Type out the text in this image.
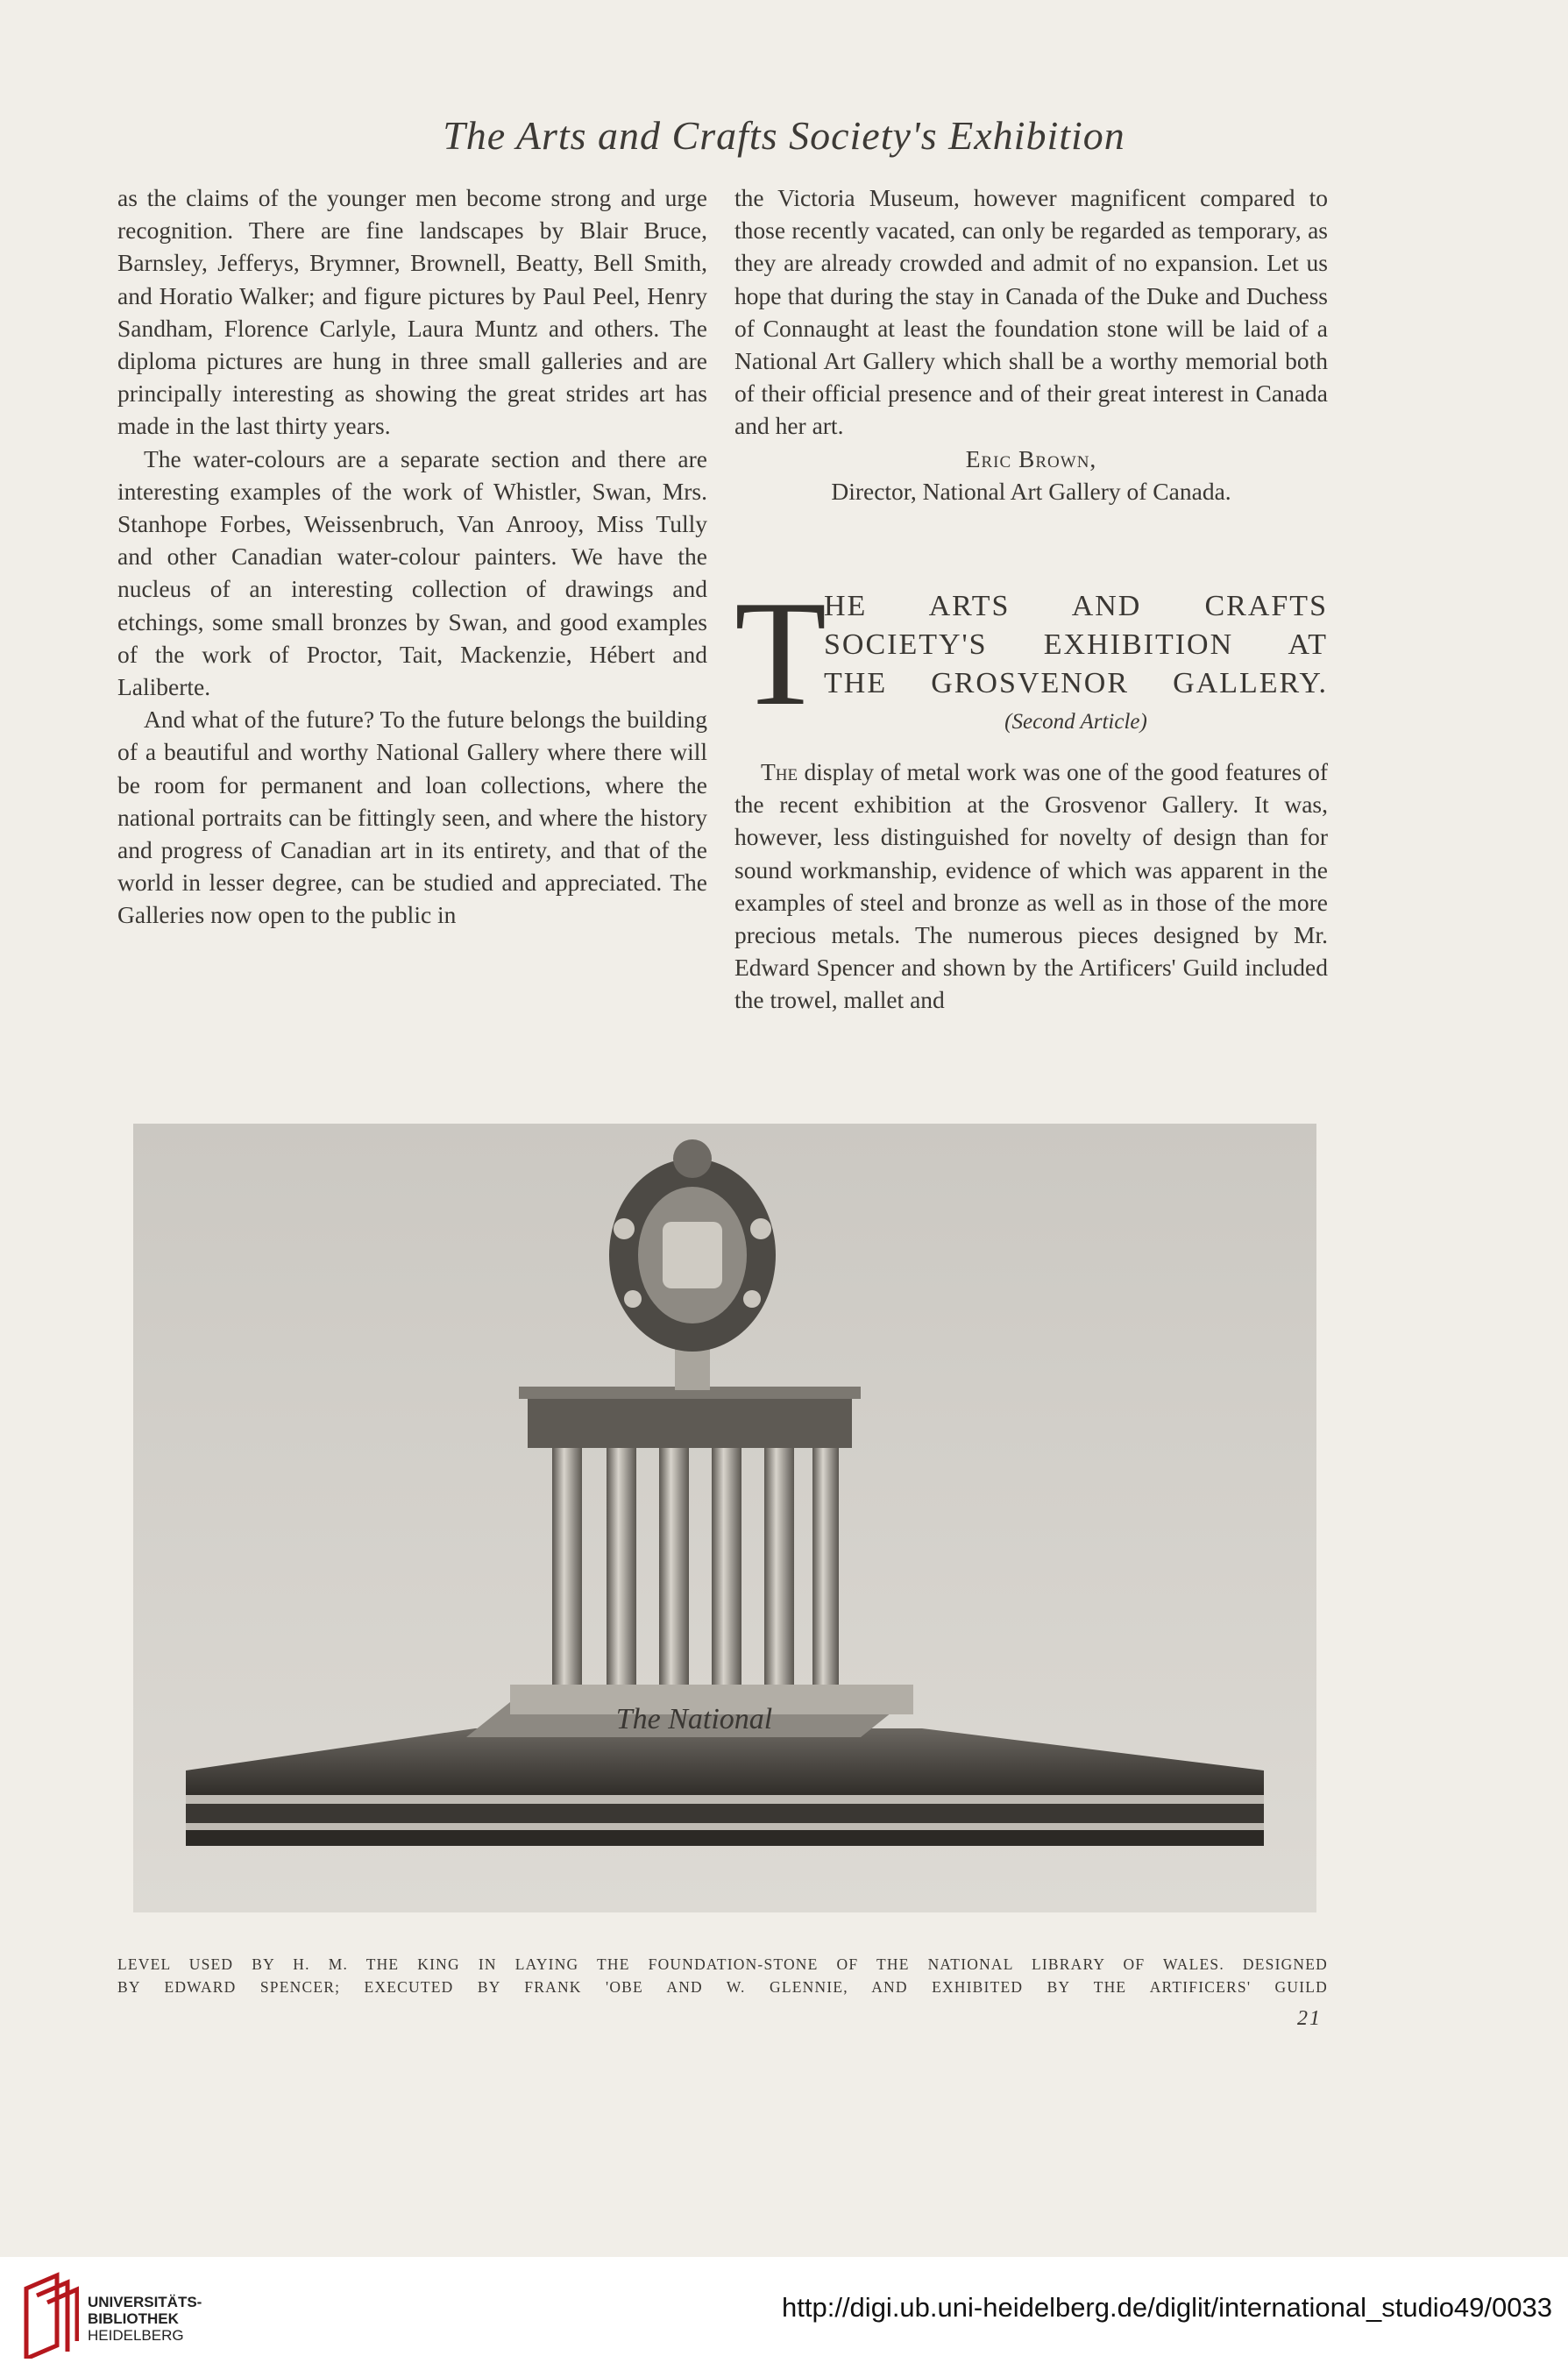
The Arts and Crafts Society's Exhibition

as the claims of the younger men become strong and urge recognition. There are fine landscapes by Blair Bruce, Barnsley, Jefferys, Brymner, Brownell, Beatty, Bell Smith, and Horatio Walker; and figure pictures by Paul Peel, Henry Sandham, Florence Carlyle, Laura Muntz and others. The diploma pictures are hung in three small galleries and are principally interesting as showing the great strides art has made in the last thirty years.

The water-colours are a separate section and there are interesting examples of the work of Whistler, Swan, Mrs. Stanhope Forbes, Weissenbruch, Van Anrooy, Miss Tully and other Canadian water-colour painters. We have the nucleus of an interesting collection of drawings and etchings, some small bronzes by Swan, and good examples of the work of Proctor, Tait, Mackenzie, Hébert and Laliberte.

And what of the future? To the future belongs the building of a beautiful and worthy National Gallery where there will be room for permanent and loan collections, where the national portraits can be fittingly seen, and where the history and progress of Canadian art in its entirety, and that of the world in lesser degree, can be studied and appreciated. The Galleries now open to the public in

the Victoria Museum, however magnificent compared to those recently vacated, can only be regarded as temporary, as they are already crowded and admit of no expansion. Let us hope that during the stay in Canada of the Duke and Duchess of Connaught at least the foundation stone will be laid of a National Art Gallery which shall be a worthy memorial both of their official presence and of their great interest in Canada and her art.

Eric Brown,

Director, National Art Gallery of Canada.

T
HE ARTS AND CRAFTS
SOCIETY'S EXHIBITION AT
THE GROSVENOR GALLERY.
(Second Article)

The display of metal work was one of the good features of the recent exhibition at the Grosvenor Gallery. It was, however, less distinguished for novelty of design than for sound workmanship, evidence of which was apparent in the examples of steel and bronze as well as in those of the more precious metals. The numerous pieces designed by Mr. Edward Spencer and shown by the Artificers' Guild included the trowel, mallet and

The National
LEVEL USED BY H. M. THE KING IN LAYING THE FOUNDATION-STONE OF THE NATIONAL LIBRARY OF WALES. DESIGNED
BY EDWARD SPENCER; EXECUTED BY FRANK 'OBE AND W. GLENNIE, AND EXHIBITED BY THE ARTIFICERS' GUILD
21
UNIVERSITÄTS-
BIBLIOTHEK
HEIDELBERG
http://digi.ub.uni-heidelberg.de/diglit/international_studio49/0033
